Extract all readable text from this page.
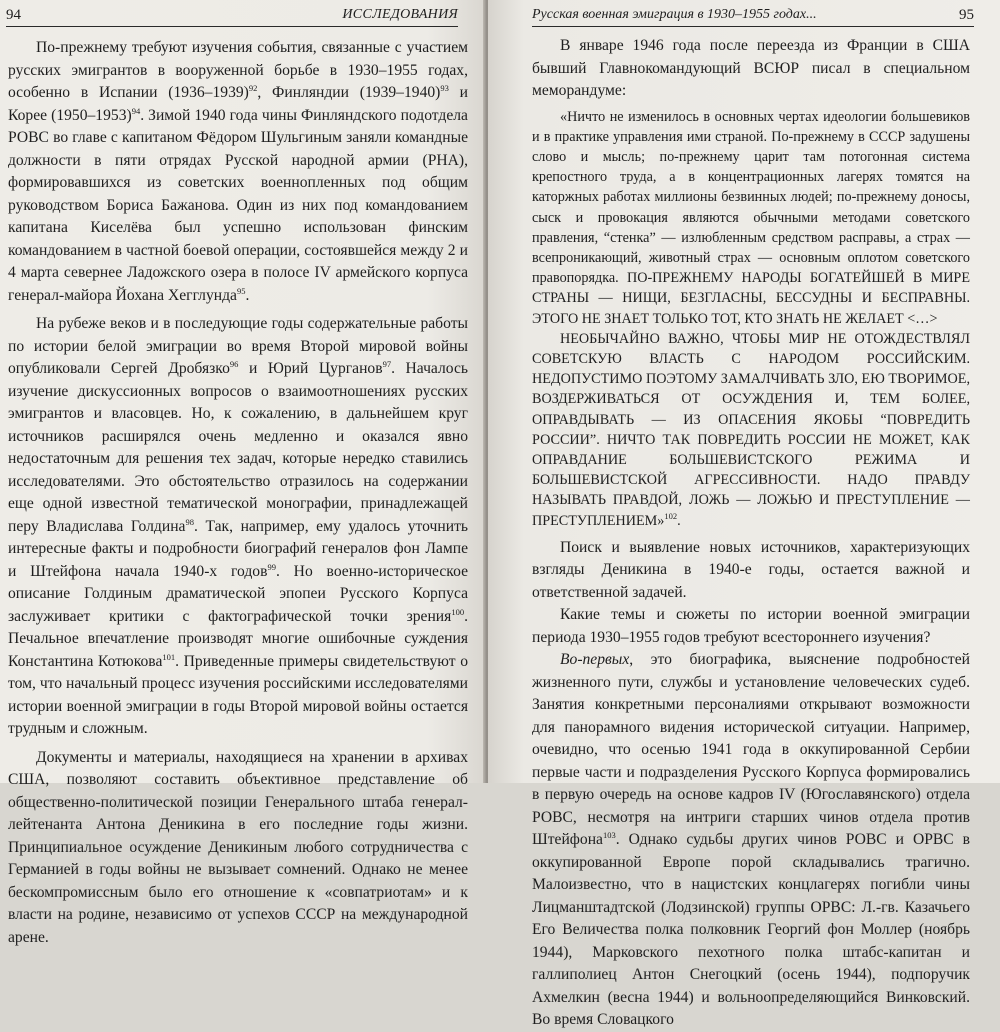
94	ИССЛЕДОВАНИЯ

По-прежнему требуют изучения события, связанные с участием русских эмигрантов в вооруженной борьбе в 1930–1955 годах, особенно в Испании (1936–1939)$^{92}$, Финляндии (1939–1940)$^{93}$ и Корее (1950–1953)$^{94}$. Зимой 1940 года чины Финляндского подотдела РОВС во главе с капитаном Фёдором Шульгиным заняли командные должности в пяти отрядах Русской народной армии (РНА), формировавшихся из советских военнопленных под общим руководством Бориса Бажанова. Один из них под командованием капитана Киселёва был успешно использован финским командованием в частной боевой операции, состоявшейся между 2 и 4 марта севернее Ладожского озера в полосе IV армейского корпуса генерал-майора Йохана Хегглунда$^{95}$.

На рубеже веков и в последующие годы содержательные работы по истории белой эмиграции во время Второй мировой войны опубликовали Сергей Дробязко$^{96}$ и Юрий Цурганов$^{97}$. Началось изучение дискуссионных вопросов о взаимоотношениях русских эмигрантов и власовцев. Но, к сожалению, в дальнейшем круг источников расширялся очень медленно и оказался явно недостаточным для решения тех задач, которые нередко ставились исследователями. Это обстоятельство отразилось на содержании еще одной известной тематической монографии, принадлежащей перу Владислава Голдина$^{98}$. Так, например, ему удалось уточнить интересные факты и подробности биографий генералов фон Лампе и Штейфона начала 1940-х годов$^{99}$. Но военно-историческое описание Голдиным драматической эпопеи Русского Корпуса заслуживает критики с фактографической точки зрения$^{100}$. Печальное впечатление производят многие ошибочные суждения Константина Котюкова$^{101}$. Приведенные примеры свидетельствуют о том, что начальный процесс изучения российскими исследователями истории военной эмиграции в годы Второй мировой войны остается трудным и сложным.

Документы и материалы, находящиеся на хранении в архивах США, позволяют составить объективное представление об общественно-политической позиции Генерального штаба генерал-лейтенанта Антона Деникина в его последние годы жизни. Принципиальное осуждение Деникиным любого сотрудничества с Германией в годы войны не вызывает сомнений. Однако не менее бескомпромиссным было его отношение к «совпатриотам» и к власти на родине, независимо от успехов СССР на международной арене.

Русская военная эмиграция в 1930–1955 годах...	95

В январе 1946 года после переезда из Франции в США бывший Главнокомандующий ВСЮР писал в специальном меморандуме:

«Ничто не изменилось в основных чертах идеологии большевиков и в практике управления ими страной. По-прежнему в СССР задушены слово и мысль; по-прежнему царит там потогонная система крепостного труда, а в концентрационных лагерях томятся на каторжных работах миллионы безвинных людей; по-прежнему доносы, сыск и провокация являются обычными методами советского правления, “стенка” — излюбленным средством расправы, а страх — всепроникающий, животный страх — основным оплотом советского правопорядка. ПО-ПРЕЖНЕМУ НАРОДЫ БОГАТЕЙШЕЙ В МИРЕ СТРАНЫ — НИЩИ, БЕЗГЛАСНЫ, БЕССУДНЫ И БЕСПРАВНЫ. ЭТОГО НЕ ЗНАЕТ ТОЛЬКО ТОТ, КТО ЗНАТЬ НЕ ЖЕЛАЕТ <…>

НЕОБЫЧАЙНО ВАЖНО, ЧТОБЫ МИР НЕ ОТОЖДЕСТВЛЯЛ СОВЕТСКУЮ ВЛАСТЬ С НАРОДОМ РОССИЙСКИМ. НЕДОПУСТИМО ПОЭТОМУ ЗАМАЛЧИВАТЬ ЗЛО, ЕЮ ТВОРИМОЕ, ВОЗДЕРЖИВАТЬСЯ ОТ ОСУЖДЕНИЯ И, ТЕМ БОЛЕЕ, ОПРАВДЫВАТЬ — ИЗ ОПАСЕНИЯ ЯКОБЫ “ПОВРЕДИТЬ РОССИИ”. НИЧТО ТАК ПОВРЕДИТЬ РОССИИ НЕ МОЖЕТ, КАК ОПРАВДАНИЕ БОЛЬШЕВИСТСКОГО РЕЖИМА И БОЛЬШЕВИСТСКОЙ АГРЕССИВНОСТИ. НАДО ПРАВДУ НАЗЫВАТЬ ПРАВДОЙ, ЛОЖЬ — ЛОЖЬЮ И ПРЕСТУПЛЕНИЕ — ПРЕСТУПЛЕНИЕМ»$^{102}$.

Поиск и выявление новых источников, характеризующих взгляды Деникина в 1940-е годы, остается важной и ответственной задачей.

Какие темы и сюжеты по истории военной эмиграции периода 1930–1955 годов требуют всестороннего изучения?

Во-первых, это биографика, выяснение подробностей жизненного пути, службы и установление человеческих судеб. Занятия конкретными персоналиями открывают возможности для панорамного видения исторической ситуации. Например, очевидно, что осенью 1941 года в оккупированной Сербии первые части и подразделения Русского Корпуса формировались в первую очередь на основе кадров IV (Югославянского) отдела РОВС, несмотря на интриги старших чинов отдела против Штейфона$^{103}$. Однако судьбы других чинов РОВС и ОРВС в оккупированной Европе порой складывались трагично. Малоизвестно, что в нацистских концлагерях погибли чины Лицманштадтской (Лодзинской) группы ОРВС: Л.-гв. Казачьего Его Величества полка полковник Георгий фон Моллер (ноябрь 1944), Марковского пехотного полка штабс-капитан и галлиполиец Антон Снегоцкий (осень 1944), подпоручик Ахмелкин (весна 1944) и вольноопределяющийся Винковский. Во время Словацкого
